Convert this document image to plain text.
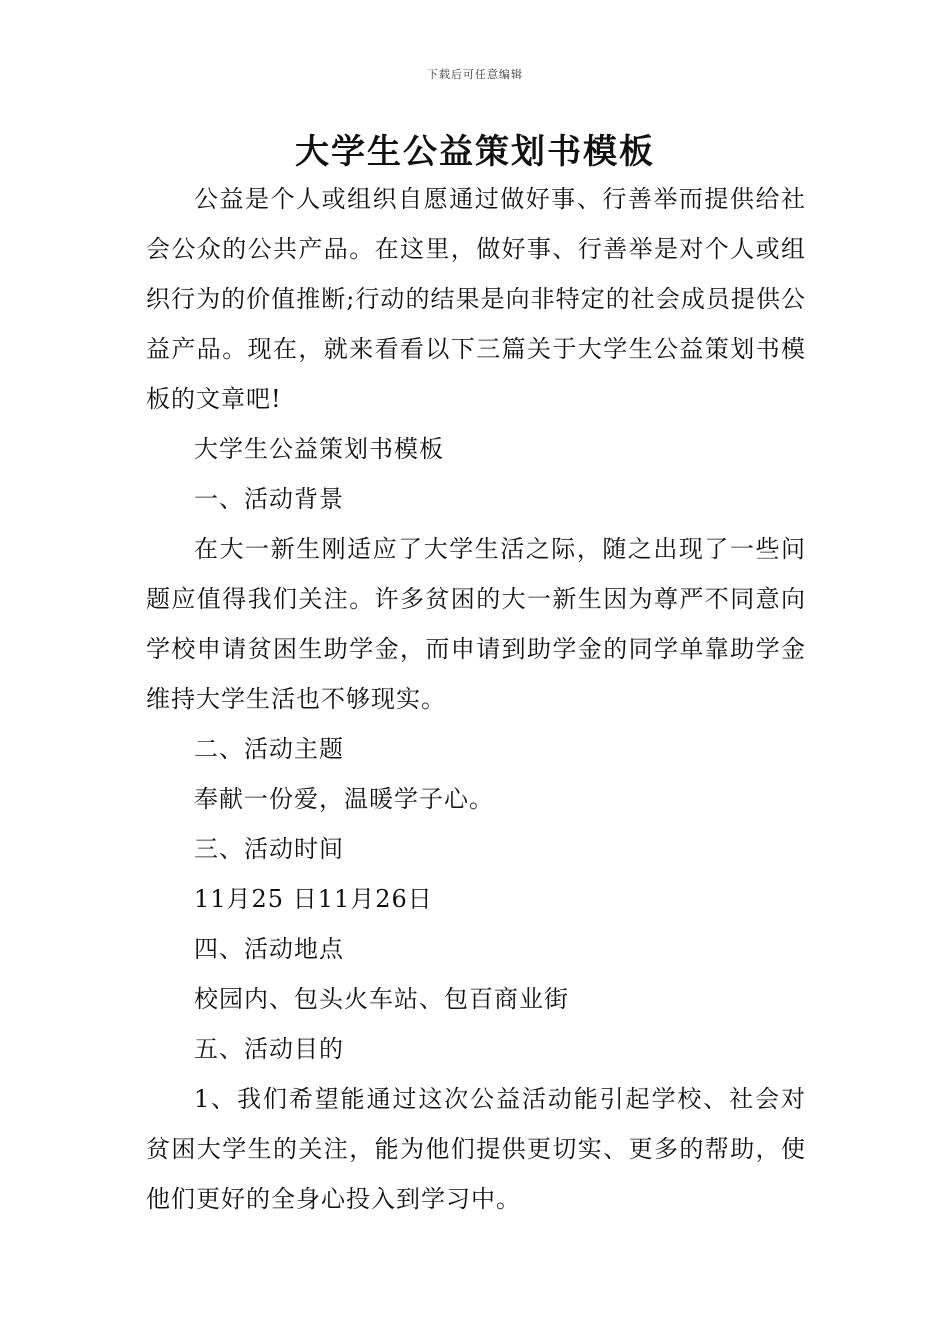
下载后可任意编辑
大学生公益策划书模板

公益是个人或组织自愿通过做好事、行善举而提供给社会公众的公共产品。在这里，做好事、行善举是对个人或组织行为的价值推断;行动的结果是向非特定的社会成员提供公益产品。现在，就来看看以下三篇关于大学生公益策划书模板的文章吧!

大学生公益策划书模板

一、活动背景

在大一新生刚适应了大学生活之际，随之出现了一些问题应值得我们关注。许多贫困的大一新生因为尊严不同意向学校申请贫困生助学金，而申请到助学金的同学单靠助学金维持大学生活也不够现实。

二、活动主题

奉献一份爱，温暖学子心。

三、活动时间

11月25 日11月26日

四、活动地点

校园内、包头火车站、包百商业街

五、活动目的

1、我们希望能通过这次公益活动能引起学校、社会对贫困大学生的关注，能为他们提供更切实、更多的帮助，使他们更好的全身心投入到学习中。
